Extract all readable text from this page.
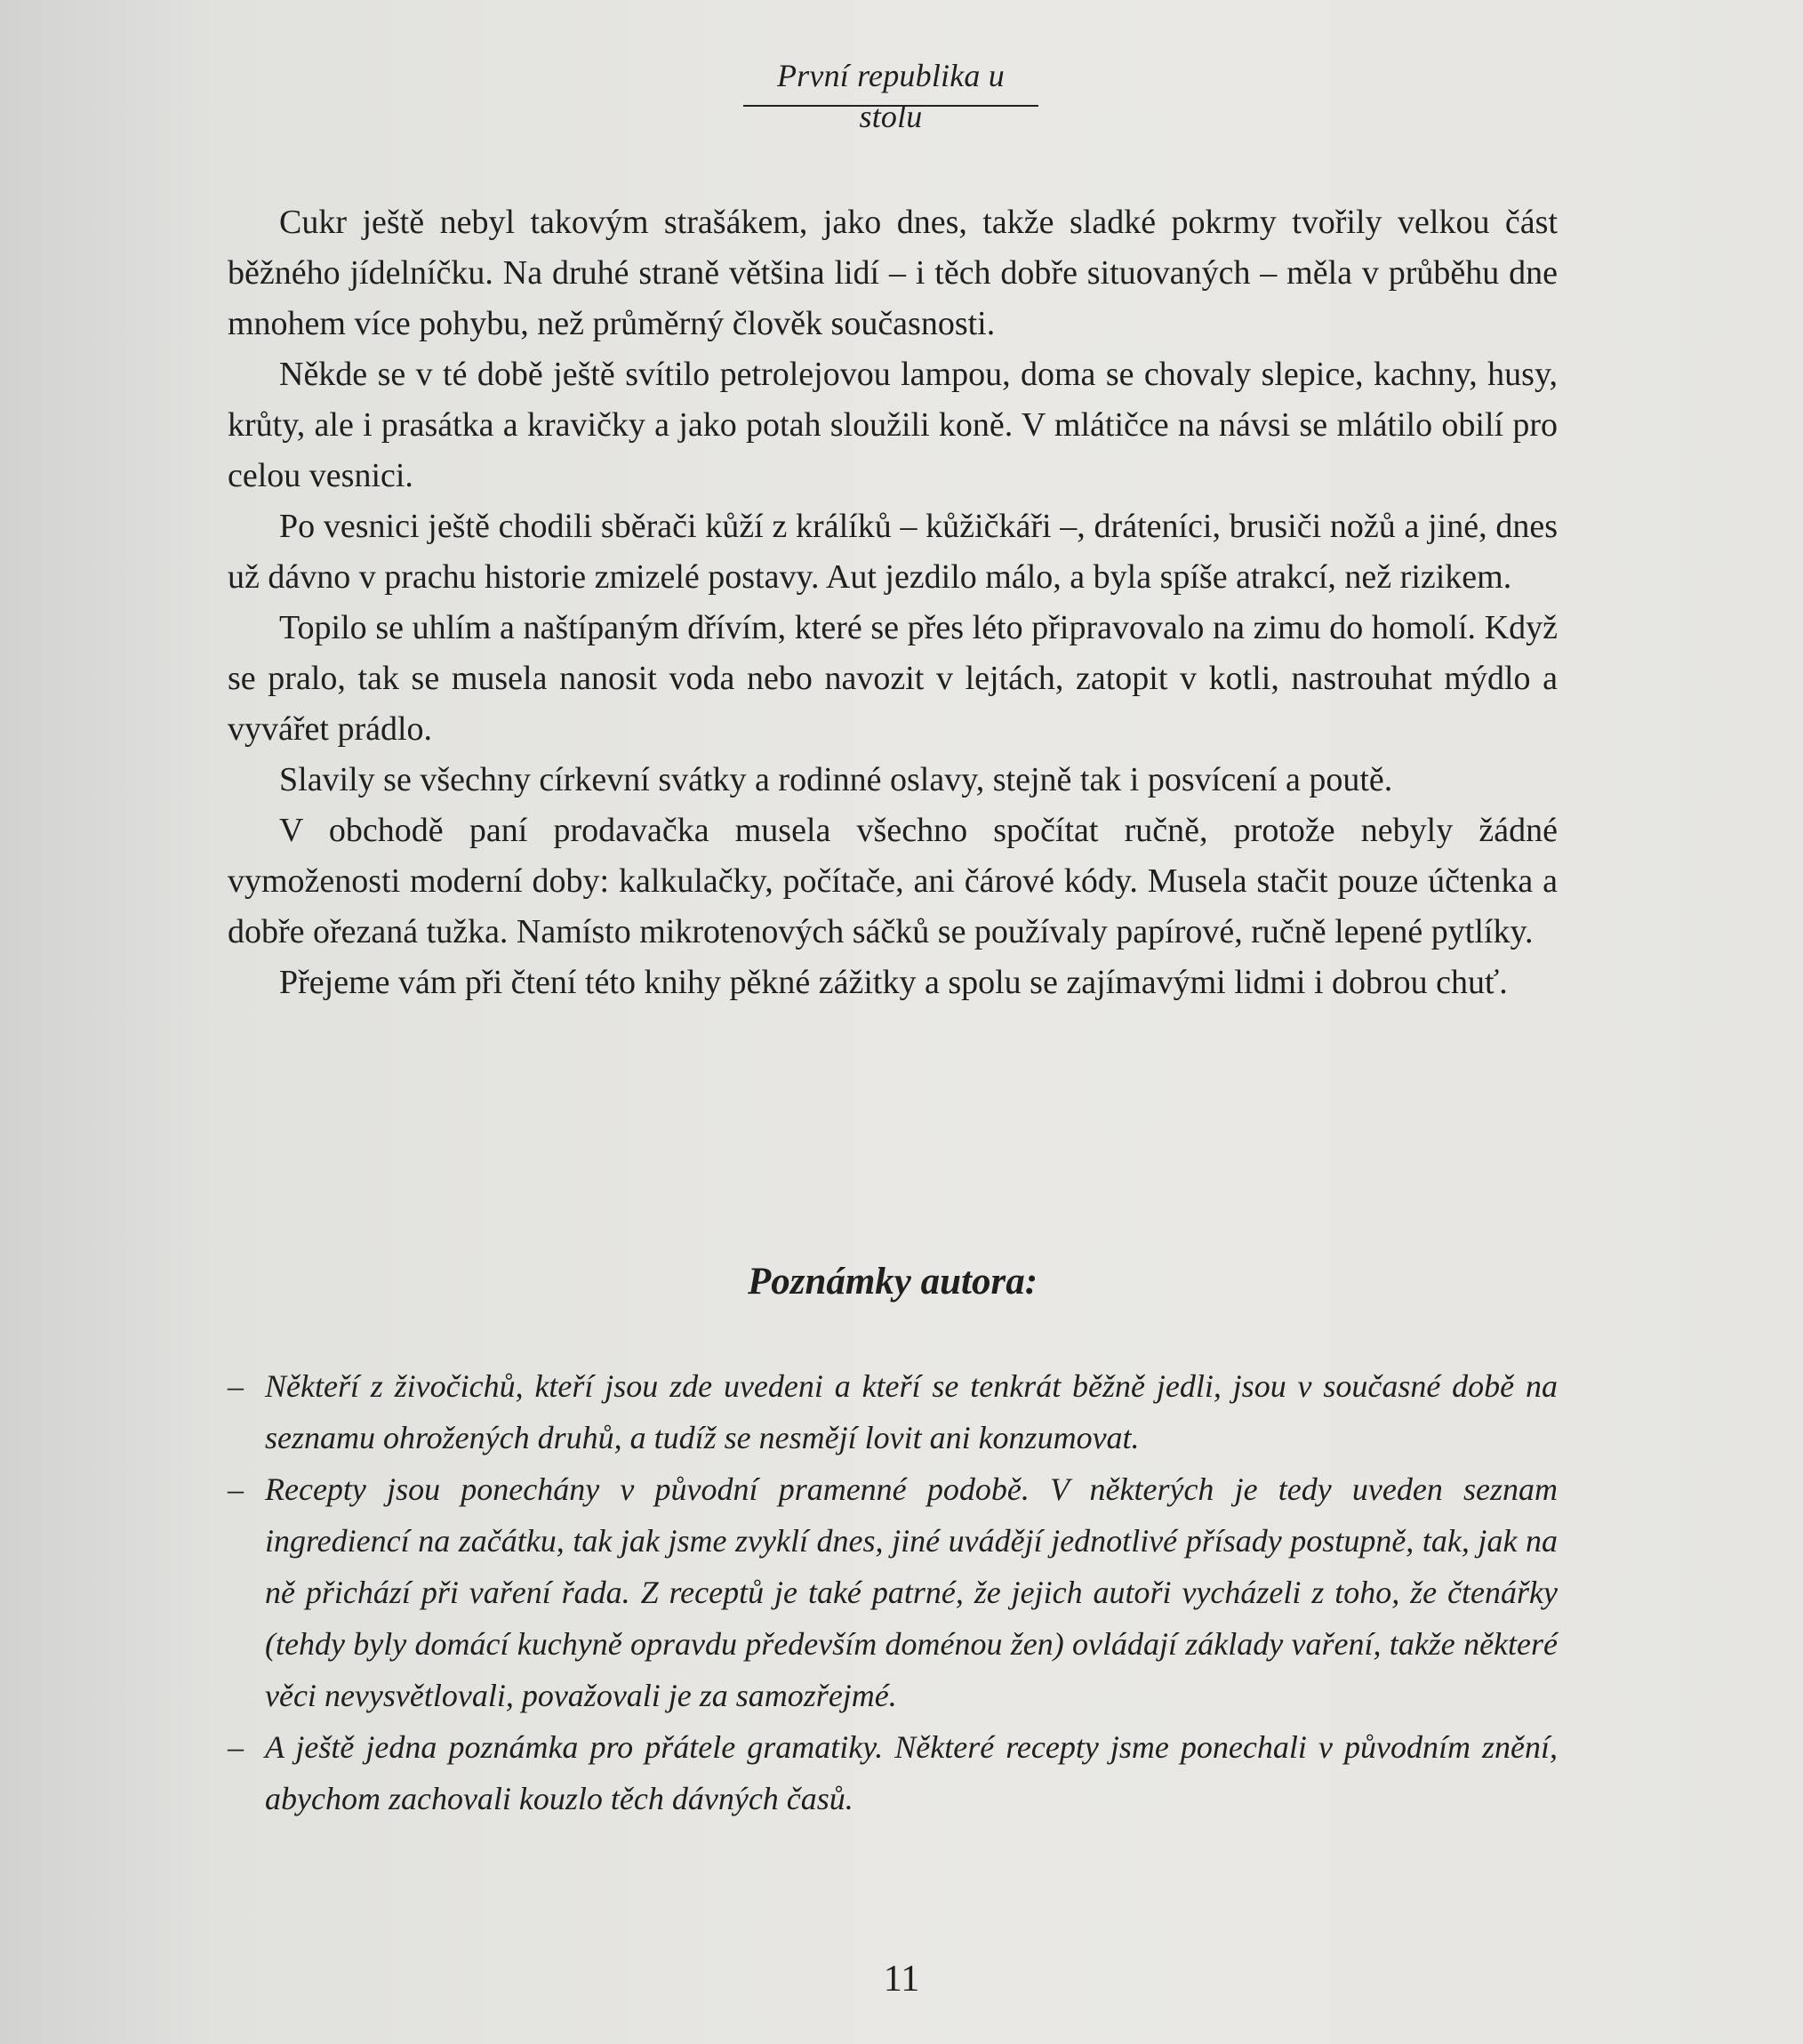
První republika u stolu

Cukr ještě nebyl takovým strašákem, jako dnes, takže sladké pokrmy tvořily velkou část běžného jídelníčku. Na druhé straně většina lidí – i těch dobře situovaných – měla v průběhu dne mnohem více pohybu, než průměrný člověk současnosti.

Někde se v té době ještě svítilo petrolejovou lampou, doma se chovaly slepice, kachny, husy, krůty, ale i prasátka a kravičky a jako potah sloužili koně. V mlátičce na návsi se mlátilo obilí pro celou vesnici.

Po vesnici ještě chodili sběrači kůží z králíků – kůžičkáři –, dráteníci, brusiči nožů a jiné, dnes už dávno v prachu historie zmizelé postavy. Aut jezdilo málo, a byla spíše atrakcí, než rizikem.

Topilo se uhlím a naštípaným dřívím, které se přes léto připravovalo na zimu do homolí. Když se pralo, tak se musela nanosit voda nebo navozit v lejtách, zatopit v kotli, nastrouhat mýdlo a vyvářet prádlo.

Slavily se všechny církevní svátky a rodinné oslavy, stejně tak i posvícení a poutě.

V obchodě paní prodavačka musela všechno spočítat ručně, protože nebyly žádné vymoženosti moderní doby: kalkulačky, počítače, ani čárové kódy. Musela stačit pouze účtenka a dobře ořezaná tužka. Namísto mikrotenových sáčků se používaly papírové, ručně lepené pytlíky.

Přejeme vám při čtení této knihy pěkné zážitky a spolu se zajímavými lidmi i dobrou chuť.

Poznámky autora:
– Někteří z živočichů, kteří jsou zde uvedeni a kteří se tenkrát běžně jedli, jsou v současné době na seznamu ohrožených druhů, a tudíž se nesmějí lovit ani konzumovat.
– Recepty jsou ponechány v původní pramenné podobě. V některých je tedy uveden seznam ingrediencí na začátku, tak jak jsme zvyklí dnes, jiné uvádějí jednotlivé přísady postupně, tak, jak na ně přichází při vaření řada. Z receptů je také patrné, že jejich autoři vycházeli z toho, že čtenářky (tehdy byly domácí kuchyně opravdu především doménou žen) ovládají základy vaření, takže některé věci nevysvětlovali, považovali je za samozřejmé.
– A ještě jedna poznámka pro přátele gramatiky. Některé recepty jsme ponechali v původním znění, abychom zachovali kouzlo těch dávných časů.
11
